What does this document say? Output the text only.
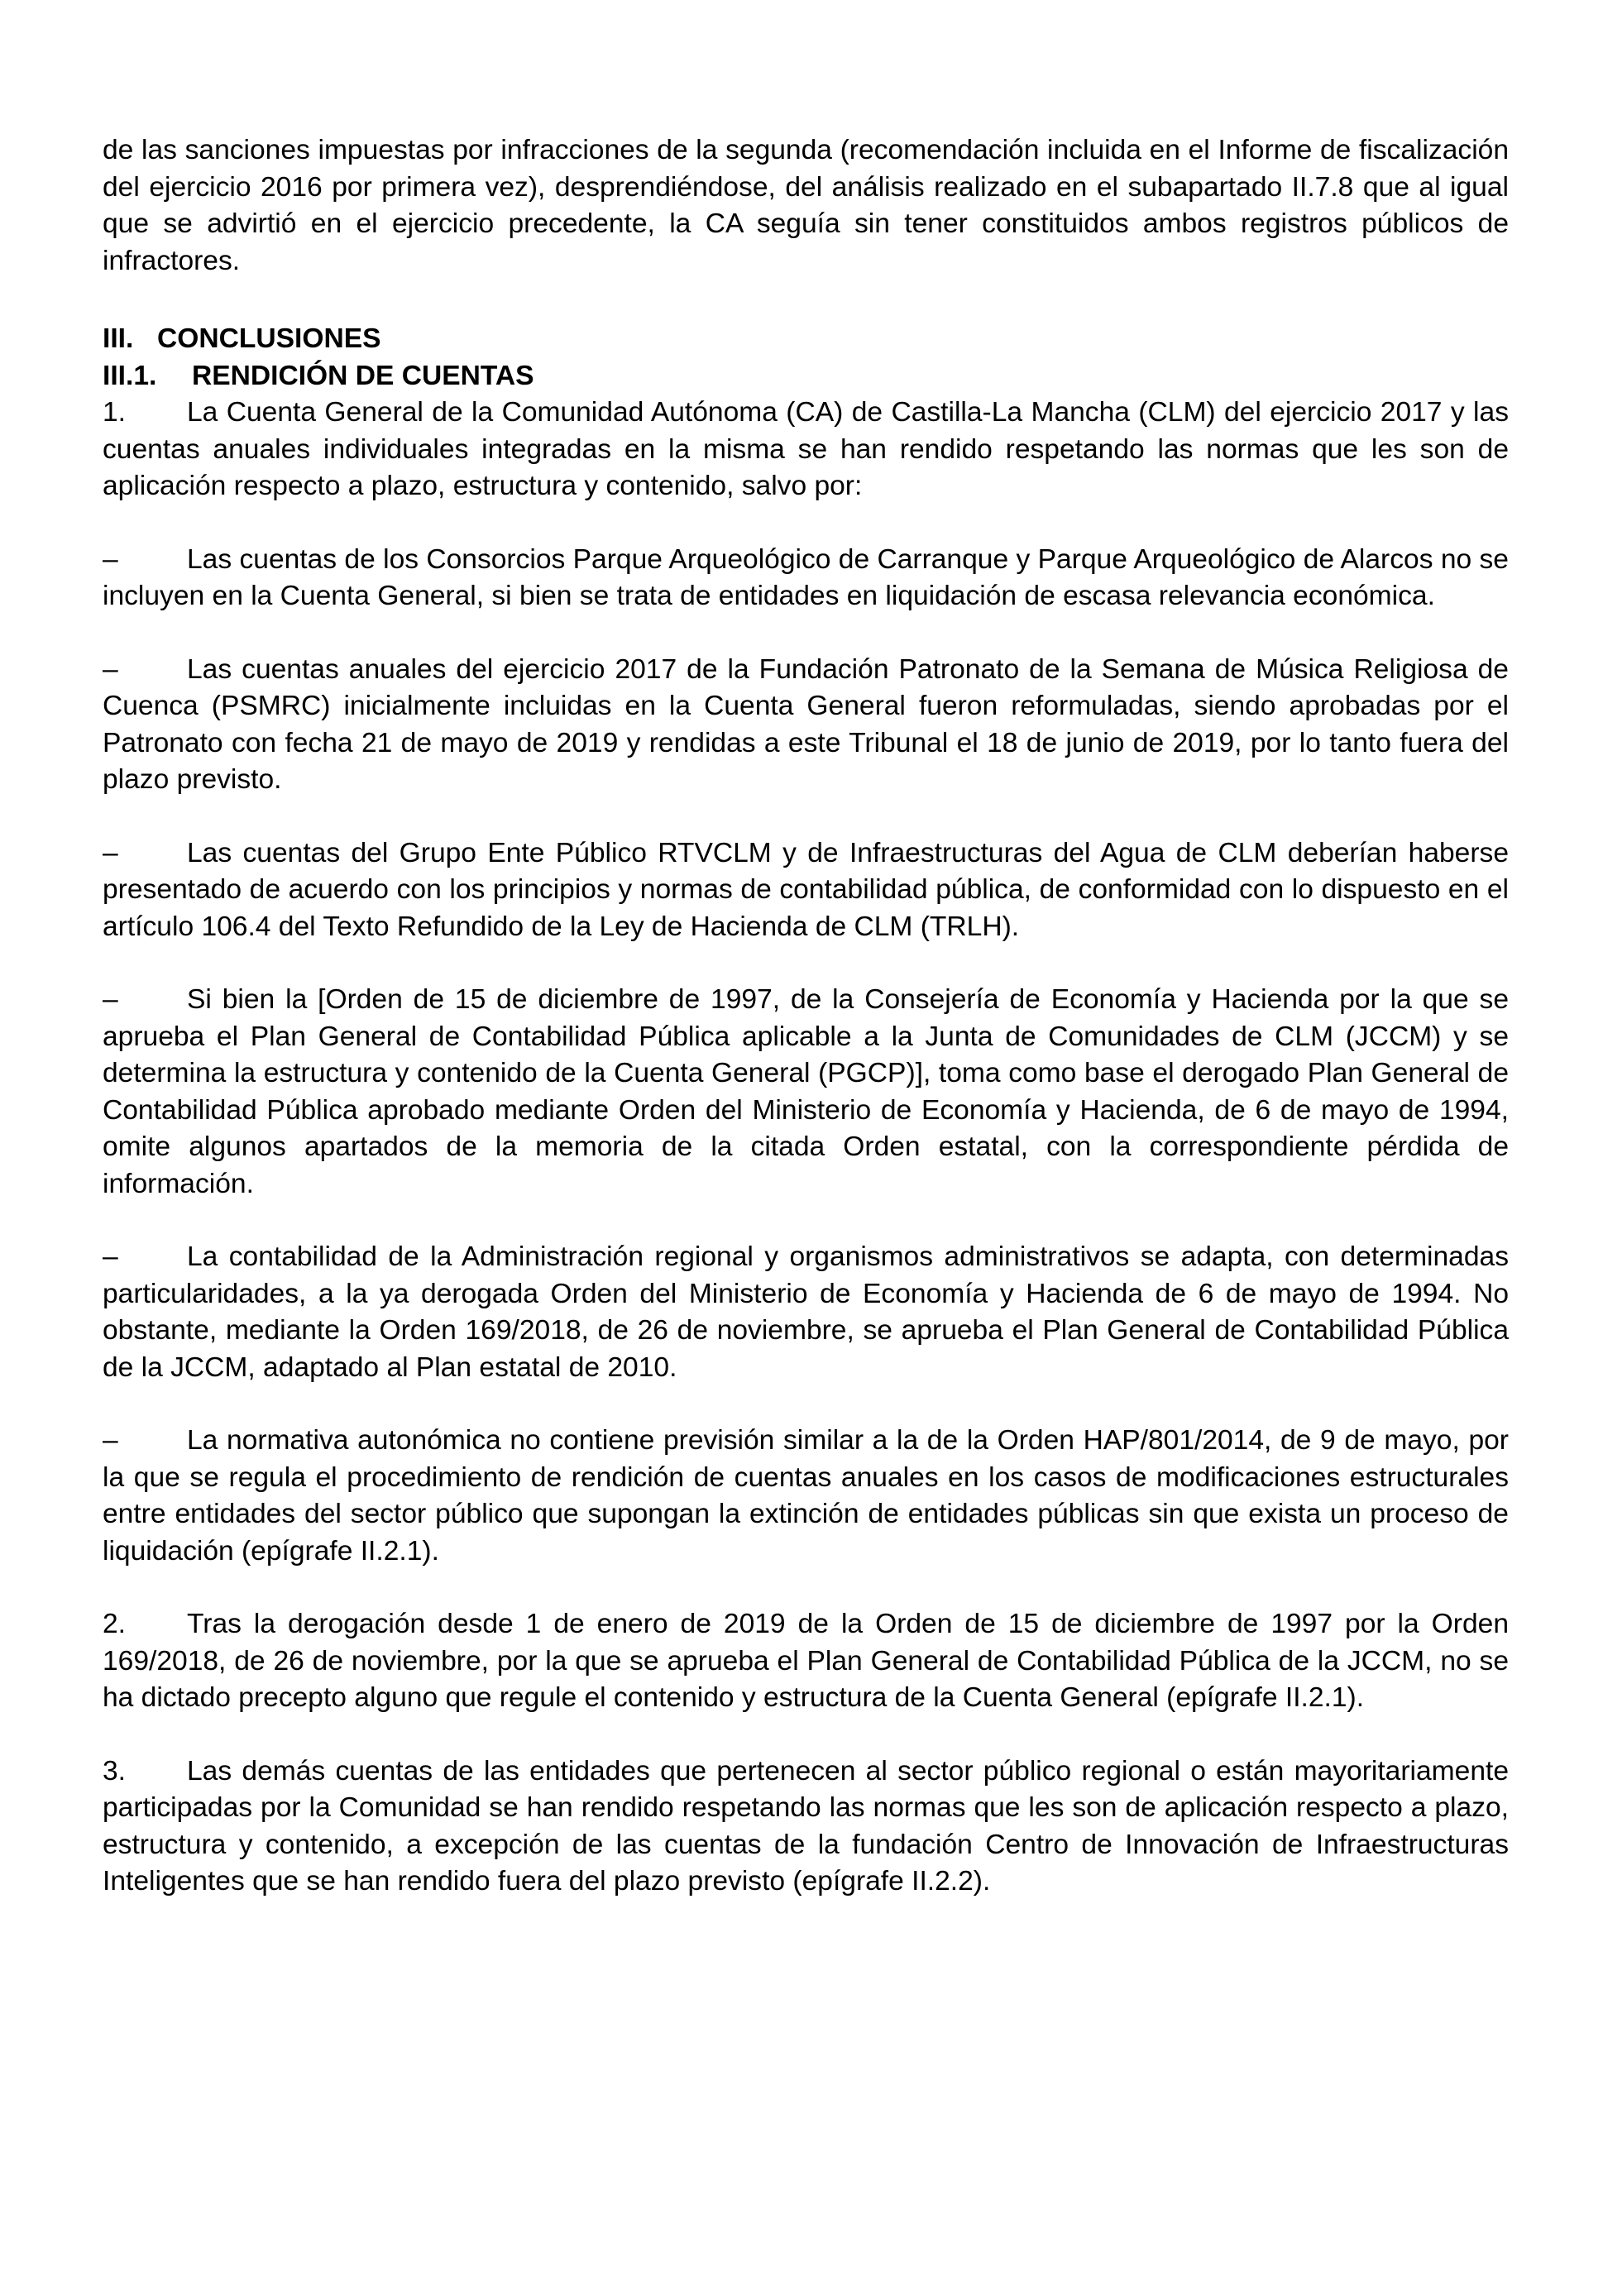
de las sanciones impuestas por infracciones de la segunda (recomendación incluida en el Informe de fiscalización del ejercicio 2016 por primera vez), desprendiéndose, del análisis realizado en el subapartado II.7.8 que al igual que se advirtió en el ejercicio precedente, la CA seguía sin tener constituidos ambos registros públicos de infractores.

III. CONCLUSIONES

III.1. RENDICIÓN DE CUENTAS

1. La Cuenta General de la Comunidad Autónoma (CA) de Castilla-La Mancha (CLM) del ejercicio 2017 y las cuentas anuales individuales integradas en la misma se han rendido respetando las normas que les son de aplicación respecto a plazo, estructura y contenido, salvo por:

– Las cuentas de los Consorcios Parque Arqueológico de Carranque y Parque Arqueológico de Alarcos no se incluyen en la Cuenta General, si bien se trata de entidades en liquidación de escasa relevancia económica.

– Las cuentas anuales del ejercicio 2017 de la Fundación Patronato de la Semana de Música Religiosa de Cuenca (PSMRC) inicialmente incluidas en la Cuenta General fueron reformuladas, siendo aprobadas por el Patronato con fecha 21 de mayo de 2019 y rendidas a este Tribunal el 18 de junio de 2019, por lo tanto fuera del plazo previsto.

– Las cuentas del Grupo Ente Público RTVCLM y de Infraestructuras del Agua de CLM deberían haberse presentado de acuerdo con los principios y normas de contabilidad pública, de conformidad con lo dispuesto en el artículo 106.4 del Texto Refundido de la Ley de Hacienda de CLM (TRLH).

– Si bien la [Orden de 15 de diciembre de 1997, de la Consejería de Economía y Hacienda por la que se aprueba el Plan General de Contabilidad Pública aplicable a la Junta de Comunidades de CLM (JCCM) y se determina la estructura y contenido de la Cuenta General (PGCP)], toma como base el derogado Plan General de Contabilidad Pública aprobado mediante Orden del Ministerio de Economía y Hacienda, de 6 de mayo de 1994, omite algunos apartados de la memoria de la citada Orden estatal, con la correspondiente pérdida de información.

– La contabilidad de la Administración regional y organismos administrativos se adapta, con determinadas particularidades, a la ya derogada Orden del Ministerio de Economía y Hacienda de 6 de mayo de 1994. No obstante, mediante la Orden 169/2018, de 26 de noviembre, se aprueba el Plan General de Contabilidad Pública de la JCCM, adaptado al Plan estatal de 2010.

– La normativa autonómica no contiene previsión similar a la de la Orden HAP/801/2014, de 9 de mayo, por la que se regula el procedimiento de rendición de cuentas anuales en los casos de modificaciones estructurales entre entidades del sector público que supongan la extinción de entidades públicas sin que exista un proceso de liquidación (epígrafe II.2.1).

2. Tras la derogación desde 1 de enero de 2019 de la Orden de 15 de diciembre de 1997 por la Orden 169/2018, de 26 de noviembre, por la que se aprueba el Plan General de Contabilidad Pública de la JCCM, no se ha dictado precepto alguno que regule el contenido y estructura de la Cuenta General (epígrafe II.2.1).

3. Las demás cuentas de las entidades que pertenecen al sector público regional o están mayoritariamente participadas por la Comunidad se han rendido respetando las normas que les son de aplicación respecto a plazo, estructura y contenido, a excepción de las cuentas de la fundación Centro de Innovación de Infraestructuras Inteligentes que se han rendido fuera del plazo previsto (epígrafe II.2.2).
